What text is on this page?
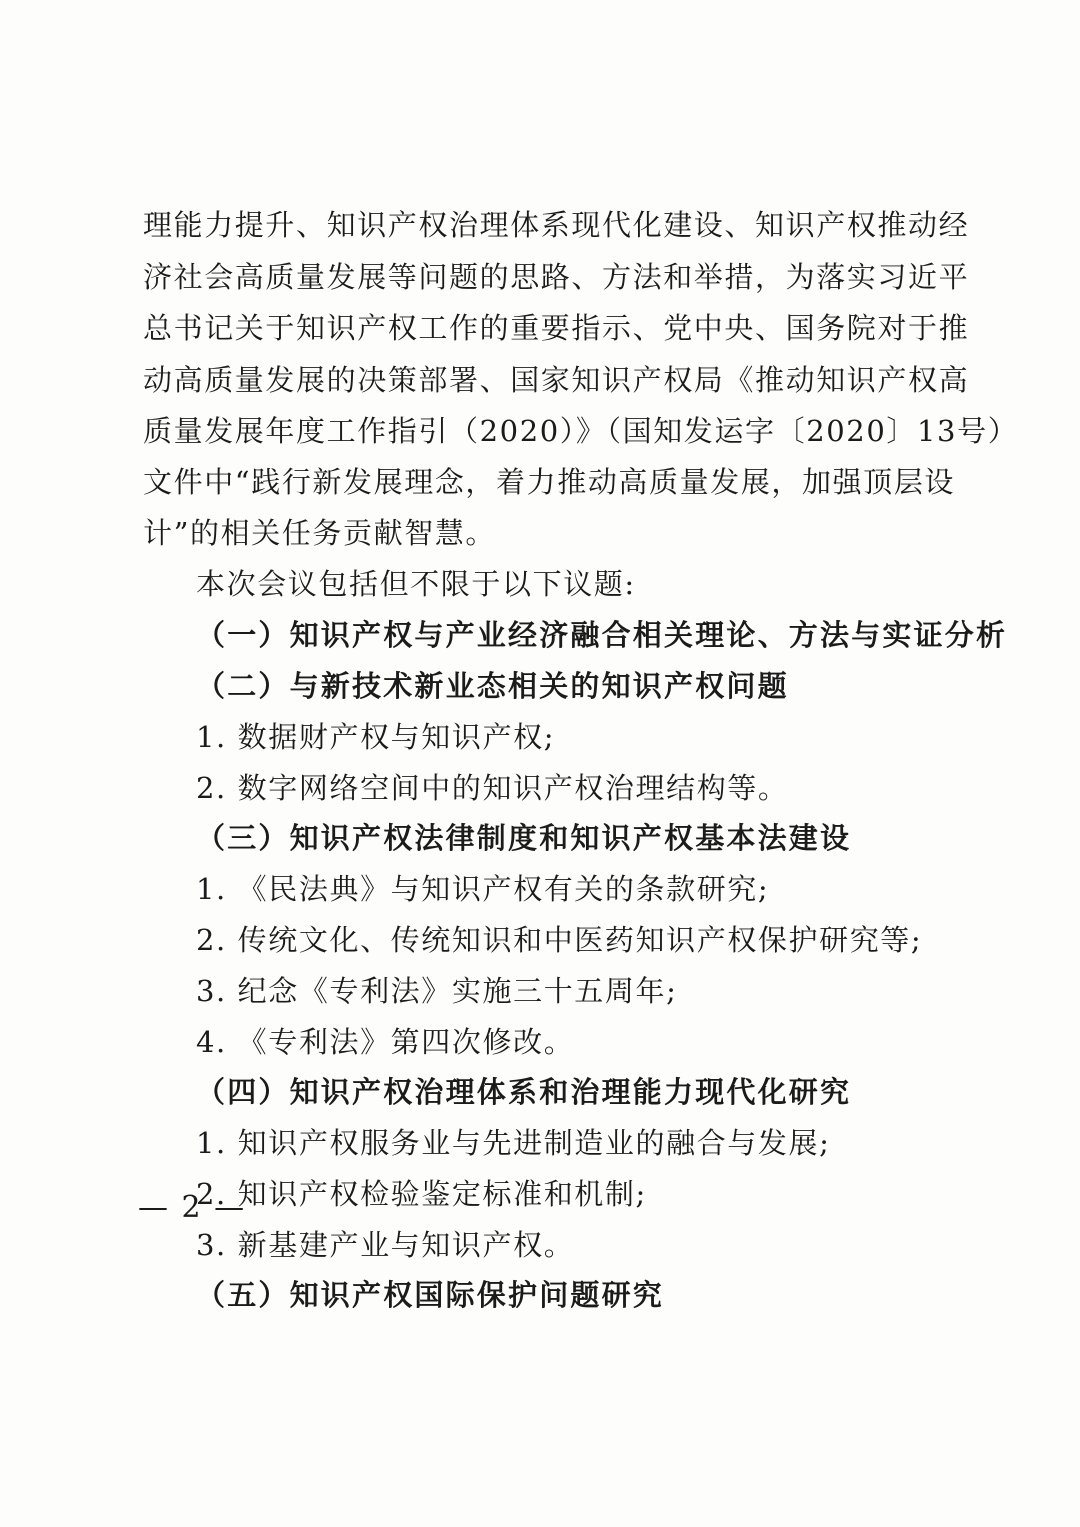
理能力提升、知识产权治理体系现代化建设、知识产权推动经
济社会高质量发展等问题的思路、方法和举措，为落实习近平
总书记关于知识产权工作的重要指示、党中央、国务院对于推
动高质量发展的决策部署、国家知识产权局《推动知识产权高
质量发展年度工作指引（2020）》（国知发运字〔2020〕13号）
文件中“践行新发展理念，着力推动高质量发展，加强顶层设
计”的相关任务贡献智慧。
本次会议包括但不限于以下议题:
（一）知识产权与产业经济融合相关理论、方法与实证分析
（二）与新技术新业态相关的知识产权问题
1. 数据财产权与知识产权;
2. 数字网络空间中的知识产权治理结构等。
（三）知识产权法律制度和知识产权基本法建设
1. 《民法典》与知识产权有关的条款研究;
2. 传统文化、传统知识和中医药知识产权保护研究等;
3. 纪念《专利法》实施三十五周年;
4. 《专利法》第四次修改。
（四）知识产权治理体系和治理能力现代化研究
1. 知识产权服务业与先进制造业的融合与发展;
2. 知识产权检验鉴定标准和机制;
3. 新基建产业与知识产权。
（五）知识产权国际保护问题研究
— 2 —
